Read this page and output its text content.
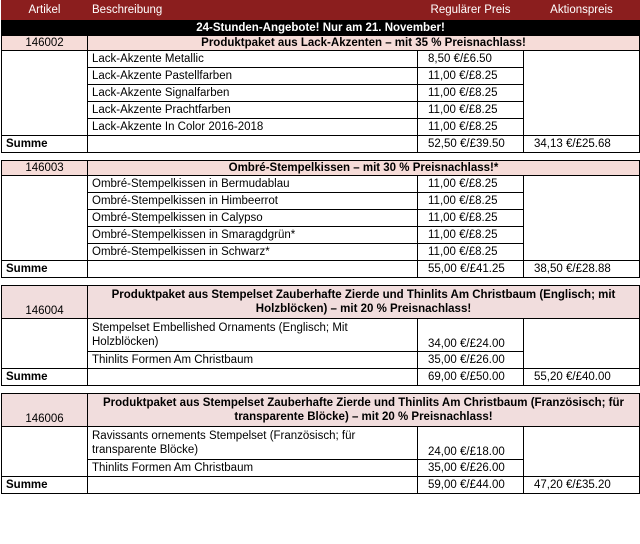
Artikel	Beschreibung	Regulärer Preis	Aktionspreis
24-Stunden-Angebote! Nur am 21. November!			
146002	Produktpaket aus Lack-Akzenten – mit 35 % Preisnachlass!		
	Lack-Akzente Metallic	8,50 €/£6.50	
	Lack-Akzente Pastellfarben	11,00 €/£8.25	
	Lack-Akzente Signalfarben	11,00 €/£8.25	
	Lack-Akzente Prachtfarben	11,00 €/£8.25	
	Lack-Akzente In Color 2016-2018	11,00 €/£8.25	
Summe		52,50 €/£39.50	34,13 €/£25.68

146003	Ombré-Stempelkissen – mit 30 % Preisnachlass!*		
	Ombré-Stempelkissen in Bermudablau	11,00 €/£8.25	
	Ombré-Stempelkissen in Himbeerrot	11,00 €/£8.25	
	Ombré-Stempelkissen in Calypso	11,00 €/£8.25	
	Ombré-Stempelkissen in Smaragdgrün*	11,00 €/£8.25	
	Ombré-Stempelkissen in Schwarz*	11,00 €/£8.25	
Summe		55,00 €/£41.25	38,50 €/£28.88

146004	Produktpaket aus Stempelset Zauberhafte Zierde und Thinlits Am Christbaum (Englisch; mit Holzblöcken) – mit 20 % Preisnachlass!		
	Stempelset Embellished Ornaments (Englisch; Mit Holzblöcken)	34,00 €/£24.00	
	Thinlits Formen Am Christbaum	35,00 €/£26.00	
Summe		69,00 €/£50.00	55,20 €/£40.00

146006	Produktpaket aus Stempelset Zauberhafte Zierde und Thinlits Am Christbaum (Französisch; für transparente Blöcke) – mit 20 % Preisnachlass!		
	Ravissants ornements Stempelset (Französisch; für transparente Blöcke)	24,00 €/£18.00	
	Thinlits Formen Am Christbaum	35,00 €/£26.00	
Summe		59,00 €/£44.00	47,20 €/£35.20
